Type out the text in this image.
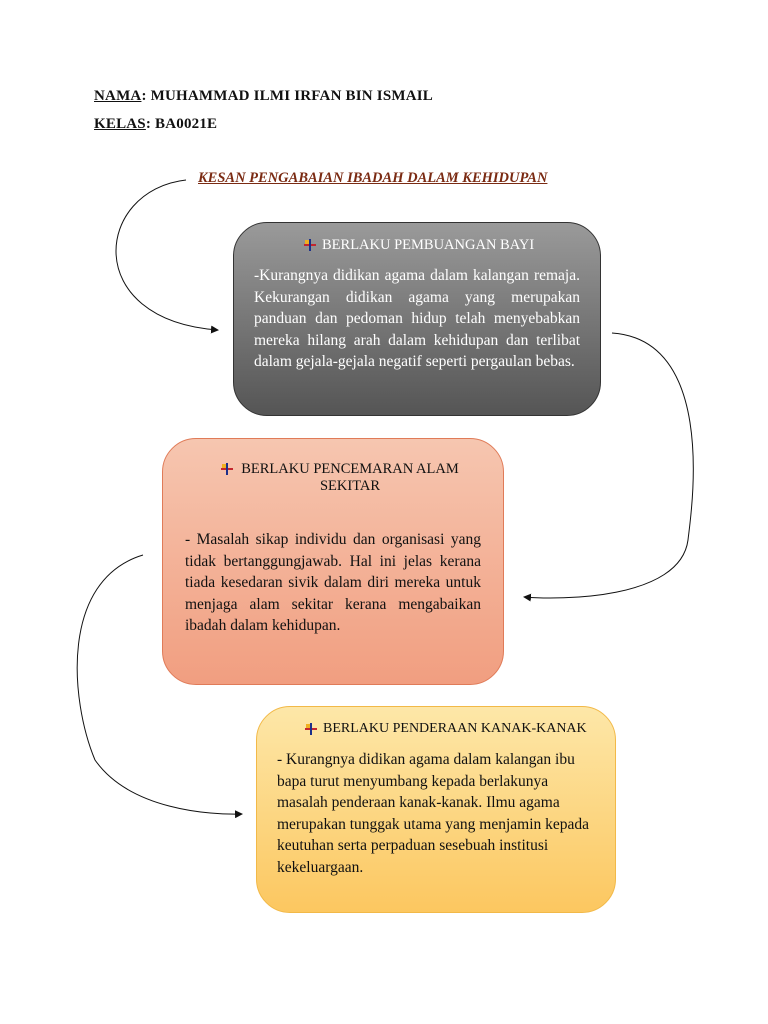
NAMA: MUHAMMAD ILMI IRFAN BIN ISMAIL
KELAS: BA0021E
KESAN PENGABAIAN IBADAH DALAM KEHIDUPAN
BERLAKU PEMBUANGAN BAYI
-Kurangnya didikan agama dalam kalangan remaja. Kekurangan didikan agama yang merupakan panduan dan pedoman hidup telah menyebabkan mereka hilang arah dalam kehidupan dan terlibat dalam gejala-gejala negatif seperti pergaulan bebas.
BERLAKU PENCEMARAN ALAM SEKITAR
- Masalah sikap individu dan organisasi yang tidak bertanggungjawab. Hal ini jelas kerana tiada kesedaran sivik dalam diri mereka untuk menjaga alam sekitar kerana mengabaikan ibadah dalam kehidupan.
BERLAKU PENDERAAN KANAK-KANAK
- Kurangnya didikan agama dalam kalangan ibu bapa turut menyumbang kepada berlakunya masalah penderaan kanak-kanak. Ilmu agama merupakan tunggak utama yang menjamin kepada keutuhan serta perpaduan sesebuah institusi kekeluargaan.
